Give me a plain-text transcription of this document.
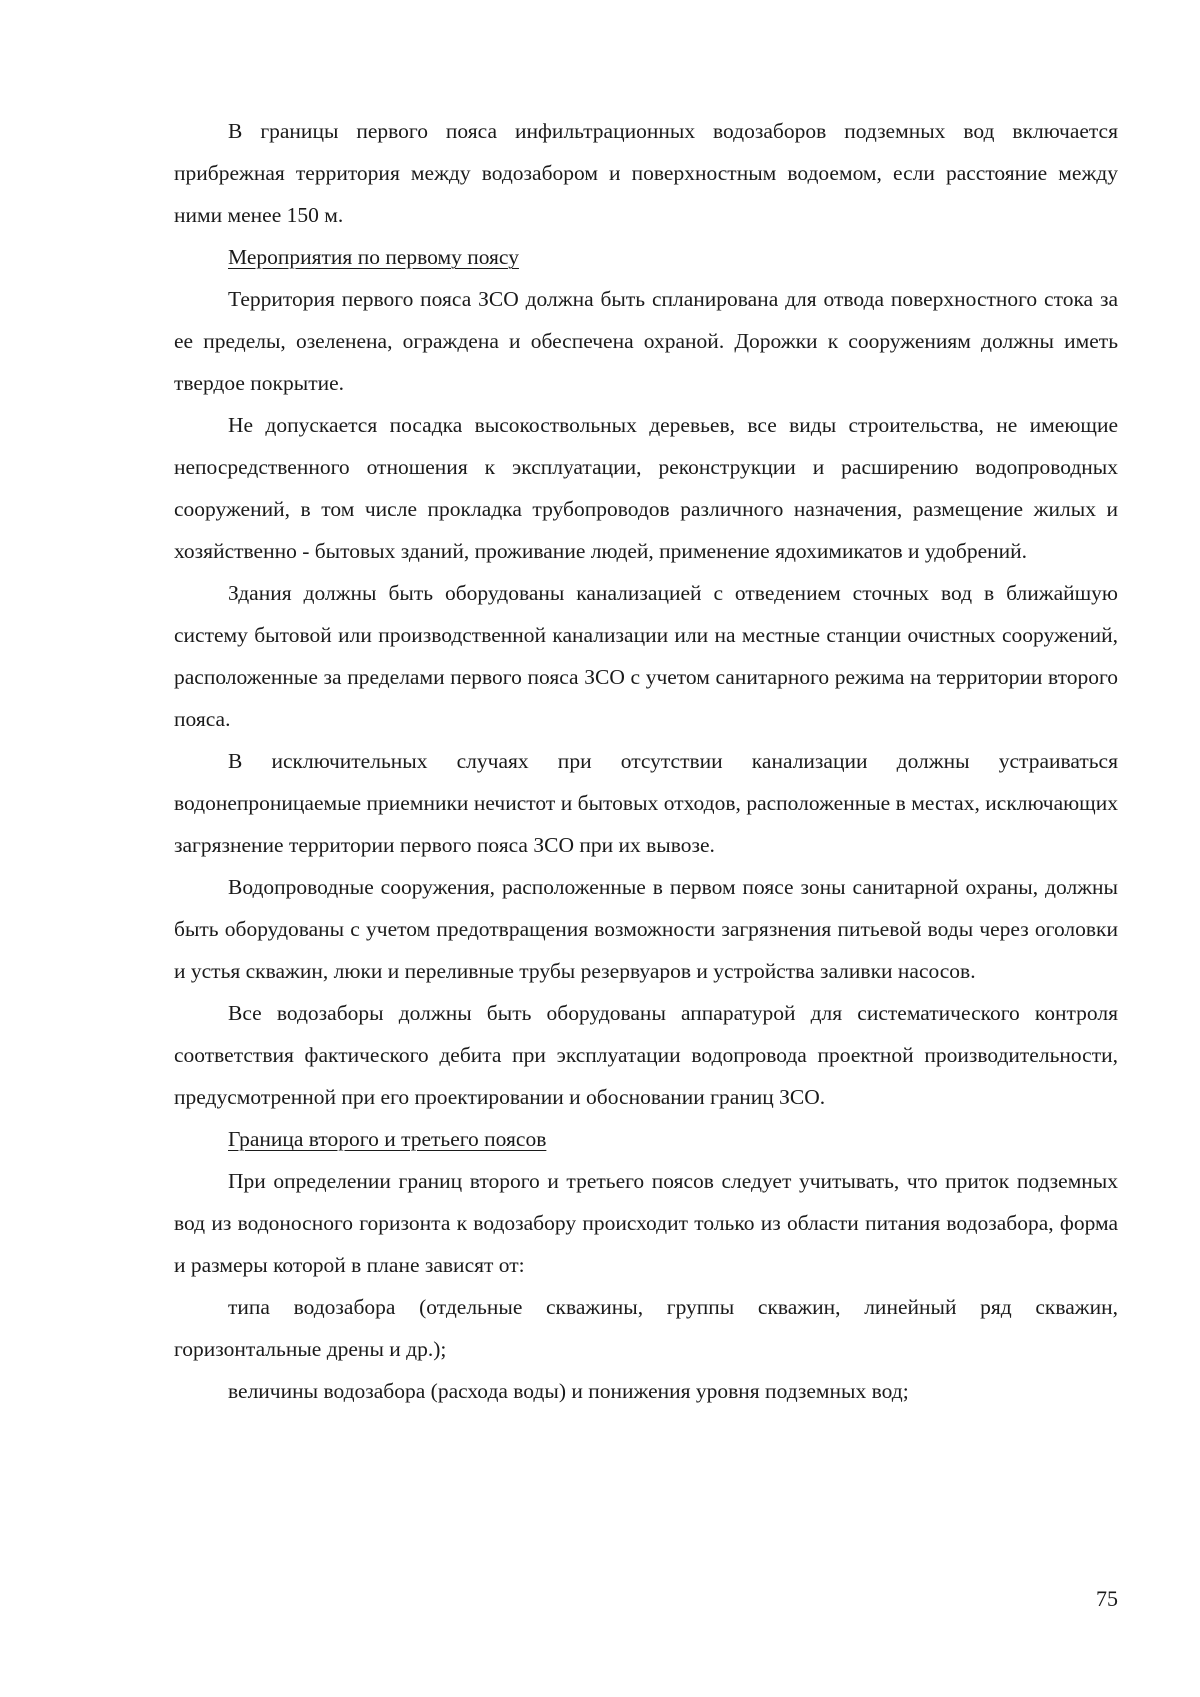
В границы первого пояса инфильтрационных водозаборов подземных вод включается прибрежная территория между водозабором и поверхностным водоемом, если расстояние между ними менее 150 м.

Мероприятия по первому поясу

Территория первого пояса ЗСО должна быть спланирована для отвода поверхностного стока за ее пределы, озеленена, ограждена и обеспечена охраной. Дорожки к сооружениям должны иметь твердое покрытие.

Не допускается посадка высокоствольных деревьев, все виды строительства, не имеющие непосредственного отношения к эксплуатации, реконструкции и расширению водопроводных сооружений, в том числе прокладка трубопроводов различного назначения, размещение жилых и хозяйственно - бытовых зданий, проживание людей, применение ядохимикатов и удобрений.

Здания должны быть оборудованы канализацией с отведением сточных вод в ближайшую систему бытовой или производственной канализации или на местные станции очистных сооружений, расположенные за пределами первого пояса ЗСО с учетом санитарного режима на территории второго пояса.

В исключительных случаях при отсутствии канализации должны устраиваться водонепроницаемые приемники нечистот и бытовых отходов, расположенные в местах, исключающих загрязнение территории первого пояса ЗСО при их вывозе.

Водопроводные сооружения, расположенные в первом поясе зоны санитарной охраны, должны быть оборудованы с учетом предотвращения возможности загрязнения питьевой воды через оголовки и устья скважин, люки и переливные трубы резервуаров и устройства заливки насосов.

Все водозаборы должны быть оборудованы аппаратурой для систематического контроля соответствия фактического дебита при эксплуатации водопровода проектной производительности, предусмотренной при его проектировании и обосновании границ ЗСО.

Граница второго и третьего поясов

При определении границ второго и третьего поясов следует учитывать, что приток подземных вод из водоносного горизонта к водозабору происходит только из области питания водозабора, форма и размеры которой в плане зависят от:

типа водозабора (отдельные скважины, группы скважин, линейный ряд скважин, горизонтальные дрены и др.);

величины водозабора (расхода воды) и понижения уровня подземных вод;

75
